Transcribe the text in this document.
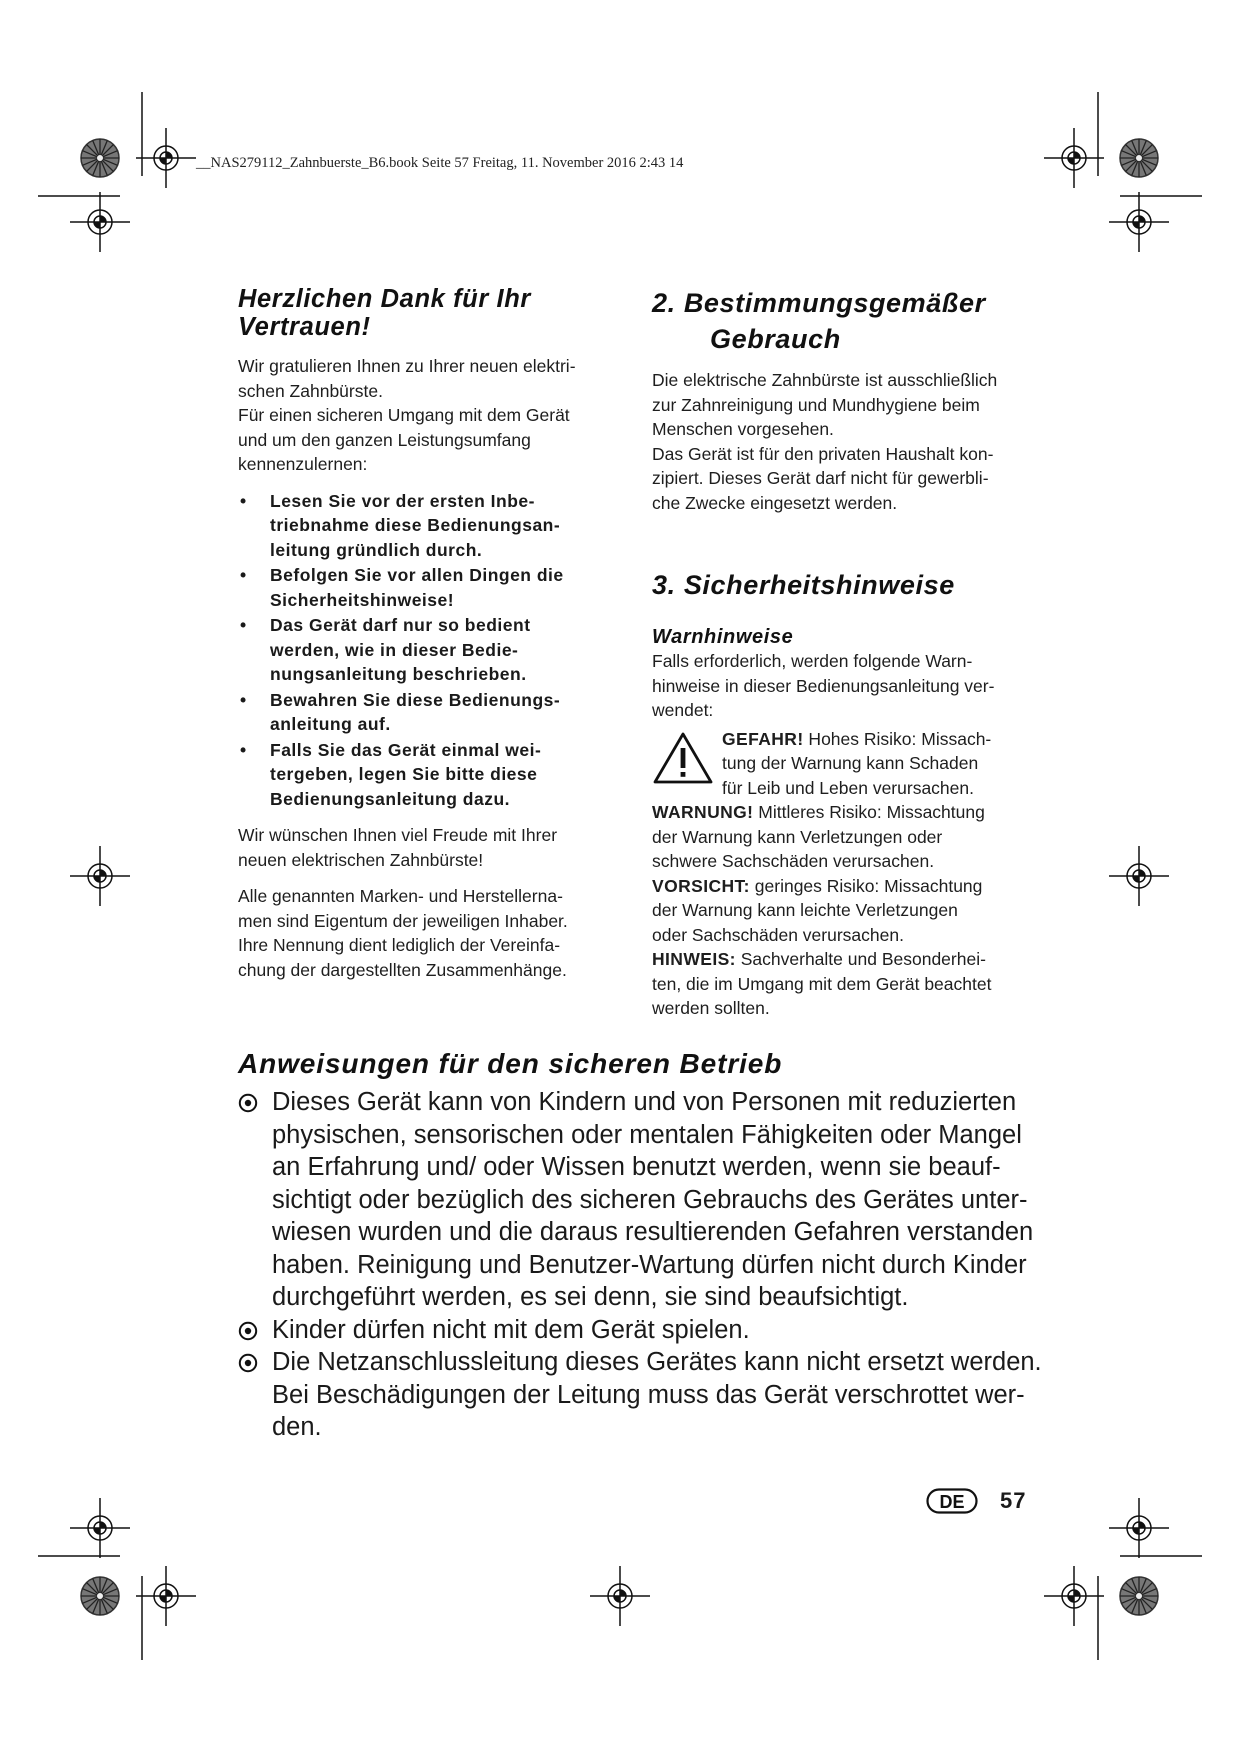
__NAS279112_Zahnbuerste_B6.book Seite 57 Freitag, 11. November 2016 2:43 14
Herzlichen Dank für Ihr Vertrauen!

Wir gratulieren Ihnen zu Ihrer neuen elektri-
schen Zahnbürste.
Für einen sicheren Umgang mit dem Gerät
und um den ganzen Leistungsumfang
kennenzulernen:

• Lesen Sie vor der ersten Inbe-
triebnahme diese Bedienungsan-
leitung gründlich durch.
• Befolgen Sie vor allen Dingen die
Sicherheitshinweise!
• Das Gerät darf nur so bedient
werden, wie in dieser Bedie-
nungsanleitung beschrieben.
• Bewahren Sie diese Bedienungs-
anleitung auf.
• Falls Sie das Gerät einmal wei-
tergeben, legen Sie bitte diese
Bedienungsanleitung dazu.

Wir wünschen Ihnen viel Freude mit Ihrer
neuen elektrischen Zahnbürste!

Alle genannten Marken- und Herstellerna-
men sind Eigentum der jeweiligen Inhaber.
Ihre Nennung dient lediglich der Vereinfa-
chung der dargestellten Zusammenhänge.

2. Bestimmungsgemäßer
Gebrauch

Die elektrische Zahnbürste ist ausschließlich
zur Zahnreinigung und Mundhygiene beim
Menschen vorgesehen.
Das Gerät ist für den privaten Haushalt kon-
zipiert. Dieses Gerät darf nicht für gewerbli-
che Zwecke eingesetzt werden.

3. Sicherheitshinweise
Warnhinweise

Falls erforderlich, werden folgende Warn-
hinweise in dieser Bedienungsanleitung ver-
wendet:

GEFAHR! Hohes Risiko: Missach-
tung der Warnung kann Schaden
für Leib und Leben verursachen.

WARNUNG! Mittleres Risiko: Missachtung
der Warnung kann Verletzungen oder
schwere Sachschäden verursachen.

VORSICHT: geringes Risiko: Missachtung
der Warnung kann leichte Verletzungen
oder Sachschäden verursachen.

HINWEIS: Sachverhalte und Besonderhei-
ten, die im Umgang mit dem Gerät beachtet
werden sollten.

Anweisungen für den sicheren Betrieb

Dieses Gerät kann von Kindern und von Personen mit reduzierten
physischen, sensorischen oder mentalen Fähigkeiten oder Mangel
an Erfahrung und/ oder Wissen benutzt werden, wenn sie beauf-
sichtigt oder bezüglich des sicheren Gebrauchs des Gerätes unter-
wiesen wurden und die daraus resultierenden Gefahren verstanden
haben. Reinigung und Benutzer-Wartung dürfen nicht durch Kinder
durchgeführt werden, es sei denn, sie sind beaufsichtigt.

Kinder dürfen nicht mit dem Gerät spielen.

Die Netzanschlussleitung dieses Gerätes kann nicht ersetzt werden.
Bei Beschädigungen der Leitung muss das Gerät verschrottet wer-
den.

DE 57
